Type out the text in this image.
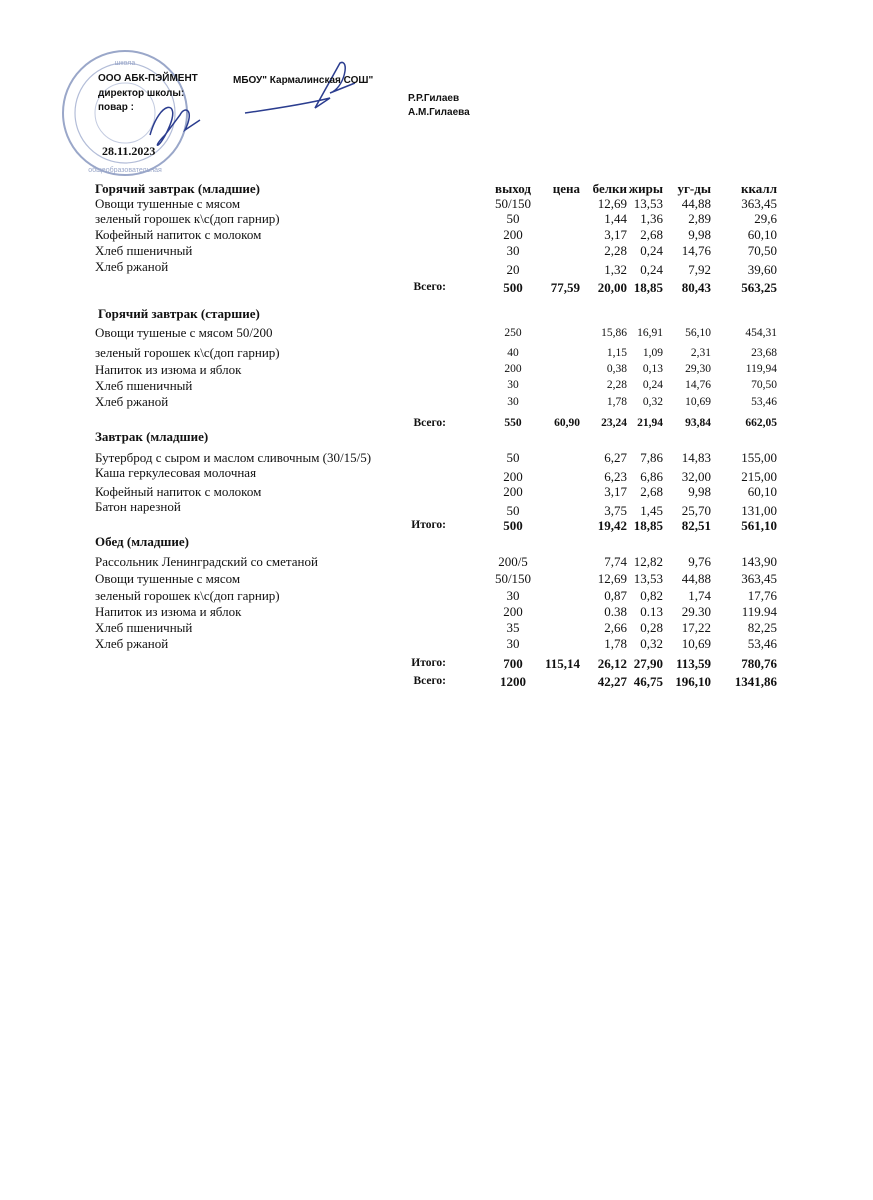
школа
общеобразовательная
ООО АБК-ПЭЙМЕНТ
директор школы:
повар :
МБОУ" Кармалинская СОШ"
Р.Р.Гилаев
А.М.Гилаева
28.11.2023
выход цена белки жиры уг-ды ккалл
Горячий завтрак (младшие)
Овощи тушенные с мясом	50/150	12,69 13,53 44,88 363,45
зеленый горошек к\с(доп гарнир)	50	1,44 1,36 2,89	29,6
Кофейный напиток с молоком	200	3,17 2,68 9,98	60,10
Хлеб пшеничный	30	2,28 0,24 14,76	70,50
Хлеб ржаной	20	1,32 0,24 7,92	39,60
Всего:	500 77,59 20,00 18,85 80,43 563,25
Горячий завтрак (старшие)
Овощи тушеные с мясом 50/200	250	15,86 16,91 56,10	454,31
зеленый горошек к\с(доп гарнир)	40	1,15 1,09 2,31	23,68
Напиток из изюма и яблок	200	0,38 0,13 29,30	119,94
Хлеб пшеничный	30	2,28 0,24 14,76	70,50
Хлеб ржаной	30	1,78 0,32 10,69	53,46
Всего:	550	60,90 23,24 21,94 93,84	662,05
Завтрак (младшие)
Бутерброд с сыром и маслом сливочным (30/15/5)	50	6,27 7,86 14,83 155,00
Каша геркулесовая молочная	200	6,23 6,86 32,00 215,00
Кофейный напиток с молоком	200	3,17 2,68 9,98	60,10
Батон нарезной	50	3,75 1,45 25,70 131,00
Итого:	500	19,42 18,85 82,51 561,10
Обед (младшие)
Рассольник Ленинградский со сметаной	200/5	7,74 12,82 9,76 143,90
Овощи тушенные с мясом	50/150	12,69 13,53 44,88 363,45
зеленый горошек к\с(доп гарнир)	30	0,87 0,82 1,74	17,76
Напиток из изюма и яблок	200	0.38 0.13 29.30 119.94
Хлеб пшеничный	35	2,66 0,28 17,22	82,25
Хлеб ржаной	30	1,78 0,32 10,69	53,46
Итого:	700 115,14 26,12 27,90 113,59 780,76
Всего:	1200	42,27 46,75 196,10 1341,86
